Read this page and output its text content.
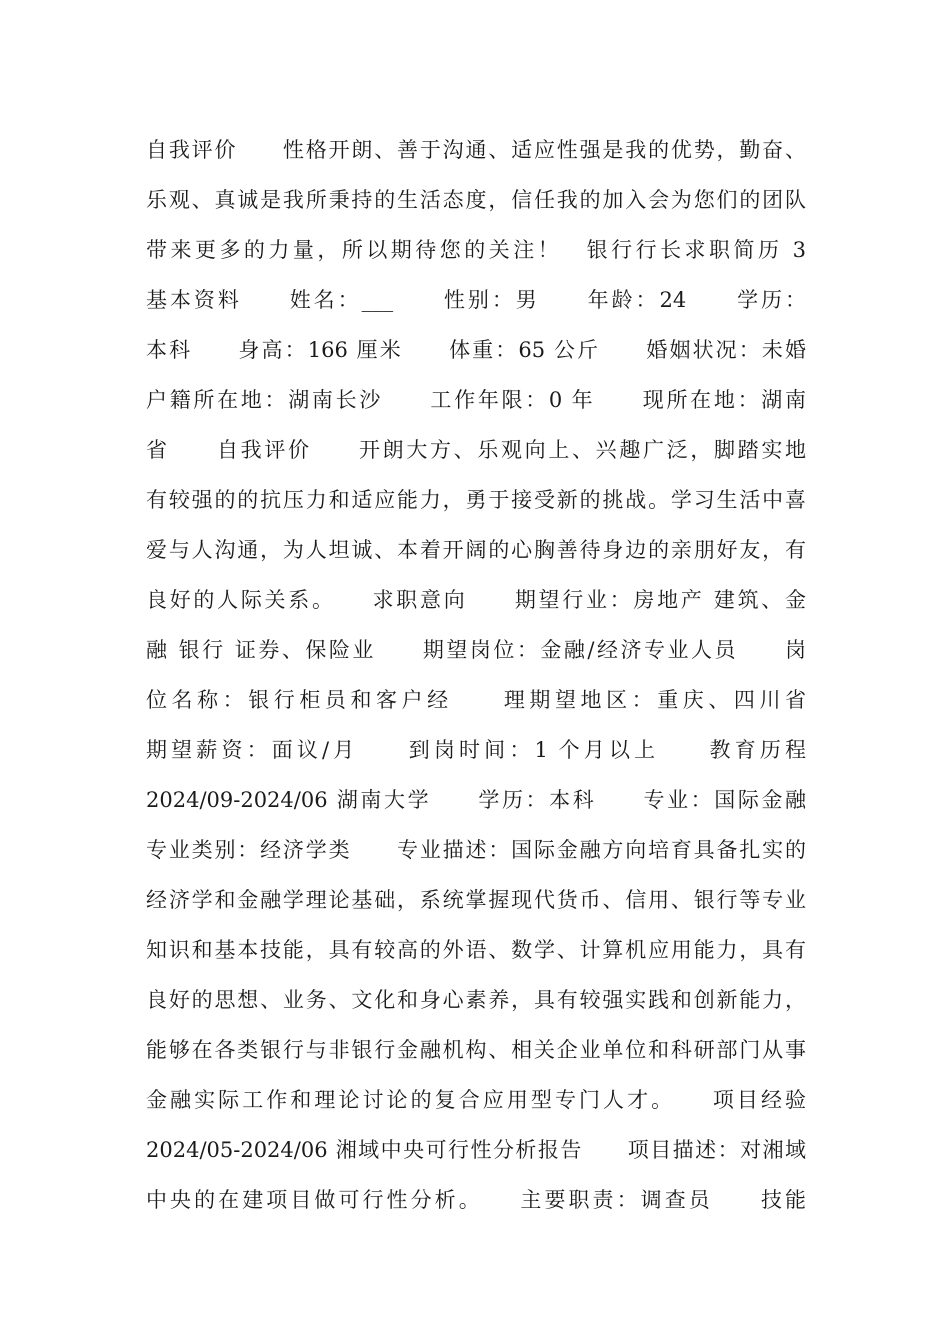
自我评价　　性格开朗、善于沟通、适应性强是我的优势，勤奋、
乐观、真诚是我所秉持的生活态度，信任我的加入会为您们的团队
带来更多的力量，所以期待您的关注！　银行行长求职简历 3
基本资料　　姓名：___　　性别：男　　年龄：24　　学历：
本科　　身高：166 厘米　　体重：65 公斤　　婚姻状况：未婚
户籍所在地：湖南长沙　　工作年限：0 年　　现所在地：湖南
省　　自我评价　　开朗大方、乐观向上、兴趣广泛，脚踏实地
有较强的的抗压力和适应能力，勇于接受新的挑战。学习生活中喜
爱与人沟通，为人坦诚、本着开阔的心胸善待身边的亲朋好友，有
良好的人际关系。　　求职意向　　期望行业：房地产 建筑、金
融 银行 证券、保险业　　期望岗位：金融/经济专业人员　　岗
位名称：银行柜员和客户经　　理期望地区：重庆、四川省
期望薪资：面议/月　　到岗时间：1 个月以上　　教育历程
2024/09-2024/06 湖南大学　　学历：本科　　专业：国际金融
专业类别：经济学类　　专业描述：国际金融方向培育具备扎实的
经济学和金融学理论基础，系统掌握现代货币、信用、银行等专业
知识和基本技能，具有较高的外语、数学、计算机应用能力，具有
良好的思想、业务、文化和身心素养，具有较强实践和创新能力，
能够在各类银行与非银行金融机构、相关企业单位和科研部门从事
金融实际工作和理论讨论的复合应用型专门人才。　　项目经验
2024/05-2024/06 湘域中央可行性分析报告　　项目描述：对湘域
中央的在建项目做可行性分析。　　主要职责：调查员　　技能
